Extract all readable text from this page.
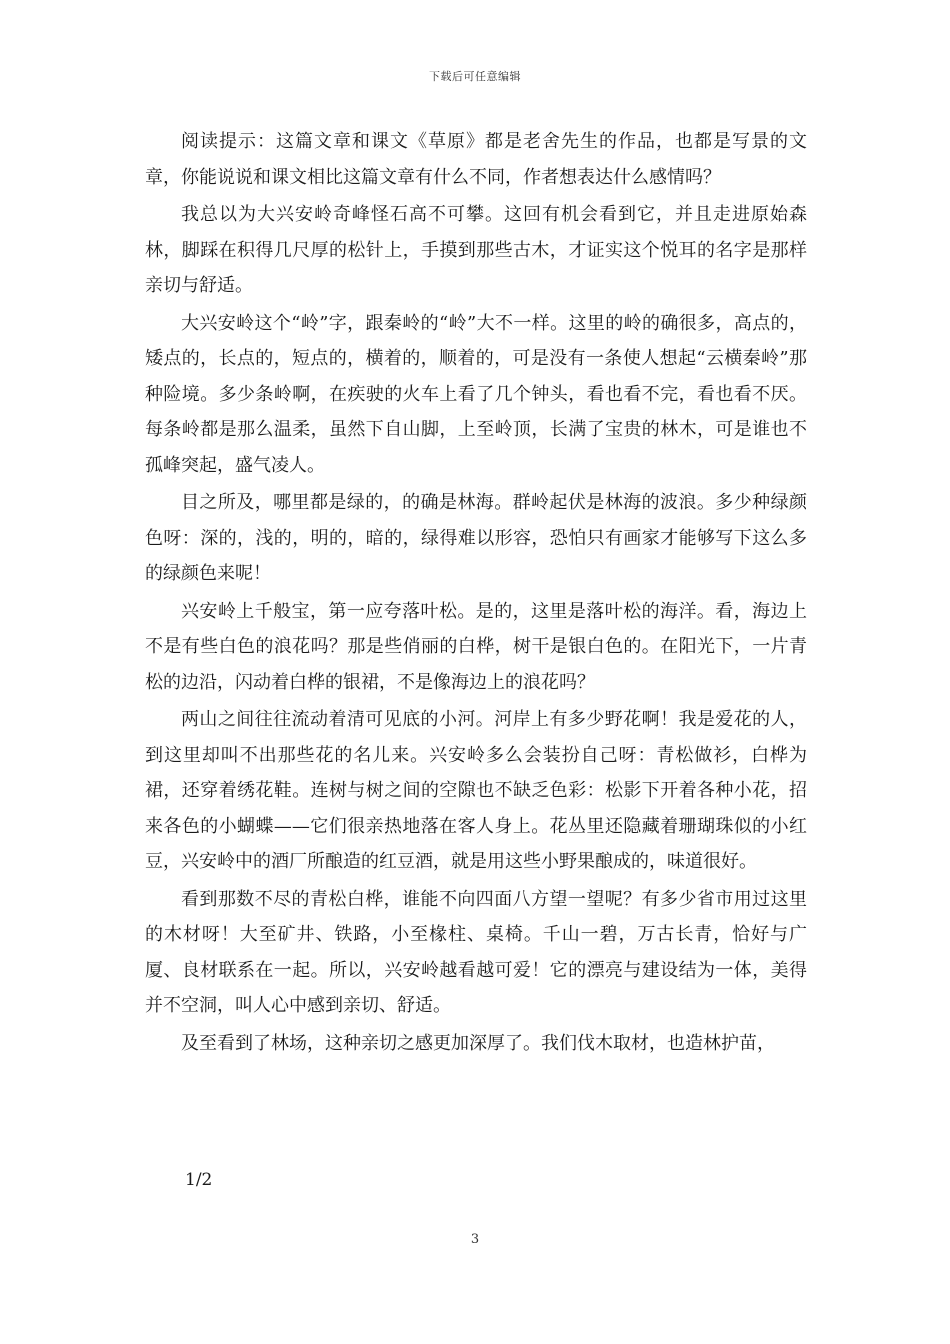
下载后可任意编辑

阅读提示：这篇文章和课文《草原》都是老舍先生的作品，也都是写景的文章，你能说说和课文相比这篇文章有什么不同，作者想表达什么感情吗？

我总以为大兴安岭奇峰怪石高不可攀。这回有机会看到它，并且走进原始森林，脚踩在积得几尺厚的松针上，手摸到那些古木，才证实这个悦耳的名字是那样亲切与舒适。

大兴安岭这个“岭”字，跟秦岭的“岭”大不一样。这里的岭的确很多，高点的，矮点的，长点的，短点的，横着的，顺着的，可是没有一条使人想起“云横秦岭”那种险境。多少条岭啊，在疾驶的火车上看了几个钟头，看也看不完，看也看不厌。每条岭都是那么温柔，虽然下自山脚，上至岭顶，长满了宝贵的林木，可是谁也不孤峰突起，盛气凌人。

目之所及，哪里都是绿的，的确是林海。群岭起伏是林海的波浪。多少种绿颜色呀：深的，浅的，明的，暗的，绿得难以形容，恐怕只有画家才能够写下这么多的绿颜色来呢！

兴安岭上千般宝，第一应夸落叶松。是的，这里是落叶松的海洋。看，海边上不是有些白色的浪花吗？那是些俏丽的白桦，树干是银白色的。在阳光下，一片青松的边沿，闪动着白桦的银裙，不是像海边上的浪花吗？

两山之间往往流动着清可见底的小河。河岸上有多少野花啊！我是爱花的人，到这里却叫不出那些花的名儿来。兴安岭多么会装扮自己呀：青松做衫，白桦为裙，还穿着绣花鞋。连树与树之间的空隙也不缺乏色彩：松影下开着各种小花，招来各色的小蝴蝶——它们很亲热地落在客人身上。花丛里还隐藏着珊瑚珠似的小红豆，兴安岭中的酒厂所酿造的红豆酒，就是用这些小野果酿成的，味道很好。

看到那数不尽的青松白桦，谁能不向四面八方望一望呢？有多少省市用过这里的木材呀！大至矿井、铁路，小至椽柱、桌椅。千山一碧，万古长青，恰好与广厦、良材联系在一起。所以，兴安岭越看越可爱！它的漂亮与建设结为一体，美得并不空洞，叫人心中感到亲切、舒适。

及至看到了林场，这种亲切之感更加深厚了。我们伐木取材，也造林护苗，

1/2
3
